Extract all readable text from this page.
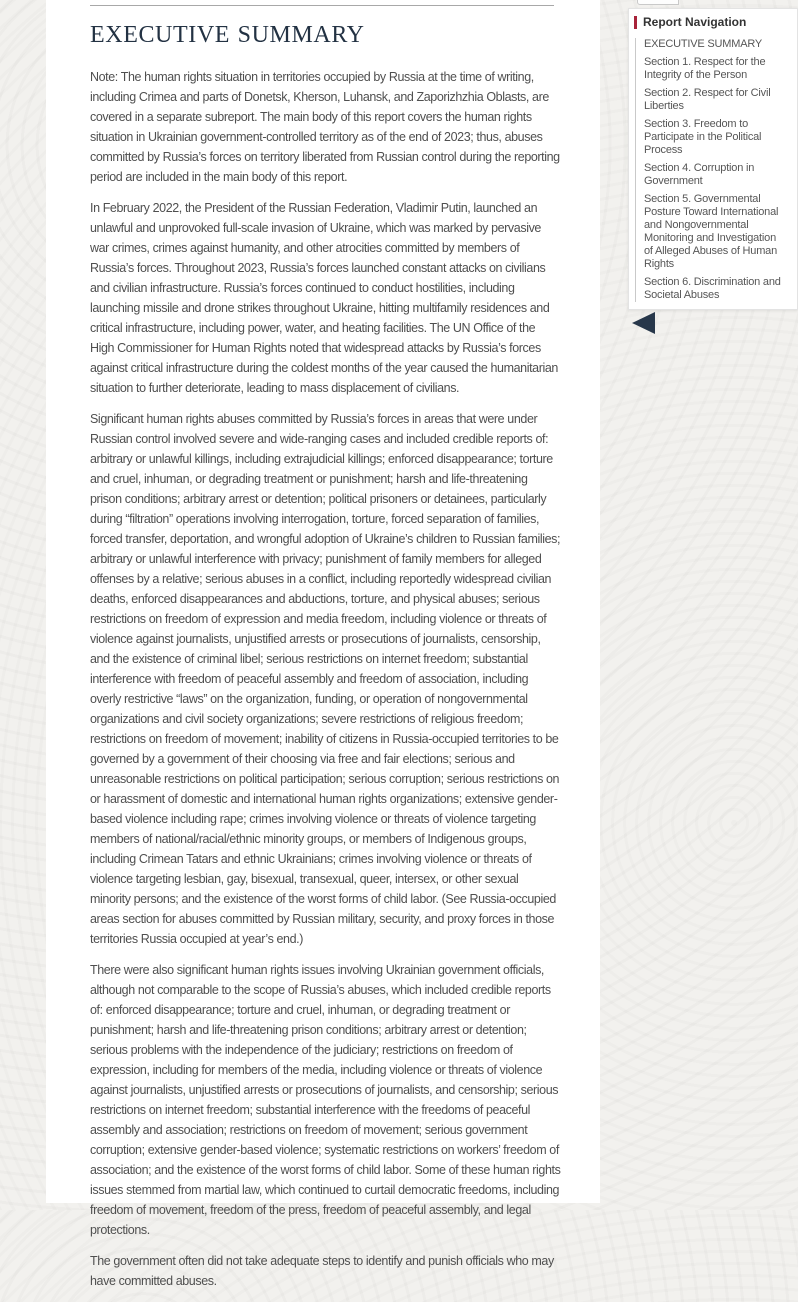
EXECUTIVE SUMMARY

Note: The human rights situation in territories occupied by Russia at the time of writing, including Crimea and parts of Donetsk, Kherson, Luhansk, and Zaporizhzhia Oblasts, are covered in a separate subreport. The main body of this report covers the human rights situation in Ukrainian government-controlled territory as of the end of 2023; thus, abuses committed by Russia’s forces on territory liberated from Russian control during the reporting period are included in the main body of this report.

In February 2022, the President of the Russian Federation, Vladimir Putin, launched an unlawful and unprovoked full-scale invasion of Ukraine, which was marked by pervasive war crimes, crimes against humanity, and other atrocities committed by members of Russia’s forces. Throughout 2023, Russia’s forces launched constant attacks on civilians and civilian infrastructure. Russia’s forces continued to conduct hostilities, including launching missile and drone strikes throughout Ukraine, hitting multifamily residences and critical infrastructure, including power, water, and heating facilities. The UN Office of the High Commissioner for Human Rights noted that widespread attacks by Russia’s forces against critical infrastructure during the coldest months of the year caused the humanitarian situation to further deteriorate, leading to mass displacement of civilians.

Significant human rights abuses committed by Russia’s forces in areas that were under Russian control involved severe and wide-ranging cases and included credible reports of: arbitrary or unlawful killings, including extrajudicial killings; enforced disappearance; torture and cruel, inhuman, or degrading treatment or punishment; harsh and life-threatening prison conditions; arbitrary arrest or detention; political prisoners or detainees, particularly during “filtration” operations involving interrogation, torture, forced separation of families, forced transfer, deportation, and wrongful adoption of Ukraine’s children to Russian families; arbitrary or unlawful interference with privacy; punishment of family members for alleged offenses by a relative; serious abuses in a conflict, including reportedly widespread civilian deaths, enforced disappearances and abductions, torture, and physical abuses; serious restrictions on freedom of expression and media freedom, including violence or threats of violence against journalists, unjustified arrests or prosecutions of journalists, censorship, and the existence of criminal libel; serious restrictions on internet freedom; substantial interference with freedom of peaceful assembly and freedom of association, including overly restrictive “laws” on the organization, funding, or operation of nongovernmental organizations and civil society organizations; severe restrictions of religious freedom; restrictions on freedom of movement; inability of citizens in Russia-occupied territories to be governed by a government of their choosing via free and fair elections; serious and unreasonable restrictions on political participation; serious corruption; serious restrictions on or harassment of domestic and international human rights organizations; extensive gender-based violence including rape; crimes involving violence or threats of violence targeting members of national/racial/ethnic minority groups, or members of Indigenous groups, including Crimean Tatars and ethnic Ukrainians; crimes involving violence or threats of violence targeting lesbian, gay, bisexual, transexual, queer, intersex, or other sexual minority persons; and the existence of the worst forms of child labor. (See Russia-occupied areas section for abuses committed by Russian military, security, and proxy forces in those territories Russia occupied at year’s end.)

There were also significant human rights issues involving Ukrainian government officials, although not comparable to the scope of Russia’s abuses, which included credible reports of: enforced disappearance; torture and cruel, inhuman, or degrading treatment or punishment; harsh and life-threatening prison conditions; arbitrary arrest or detention; serious problems with the independence of the judiciary; restrictions on freedom of expression, including for members of the media, including violence or threats of violence against journalists, unjustified arrests or prosecutions of journalists, and censorship; serious restrictions on internet freedom; substantial interference with the freedoms of peaceful assembly and association; restrictions on freedom of movement; serious government corruption; extensive gender-based violence; systematic restrictions on workers’ freedom of association; and the existence of the worst forms of child labor. Some of these human rights issues stemmed from martial law, which continued to curtail democratic freedoms, including freedom of movement, freedom of the press, freedom of peaceful assembly, and legal protections.

The government often did not take adequate steps to identify and punish officials who may have committed abuses.

Report Navigation
EXECUTIVE SUMMARY
Section 1. Respect for the Integrity of the Person
Section 2. Respect for Civil Liberties
Section 3. Freedom to Participate in the Political Process
Section 4. Corruption in Government
Section 5. Governmental Posture Toward International and Nongovernmental Monitoring and Investigation of Alleged Abuses of Human Rights
Section 6. Discrimination and Societal Abuses
